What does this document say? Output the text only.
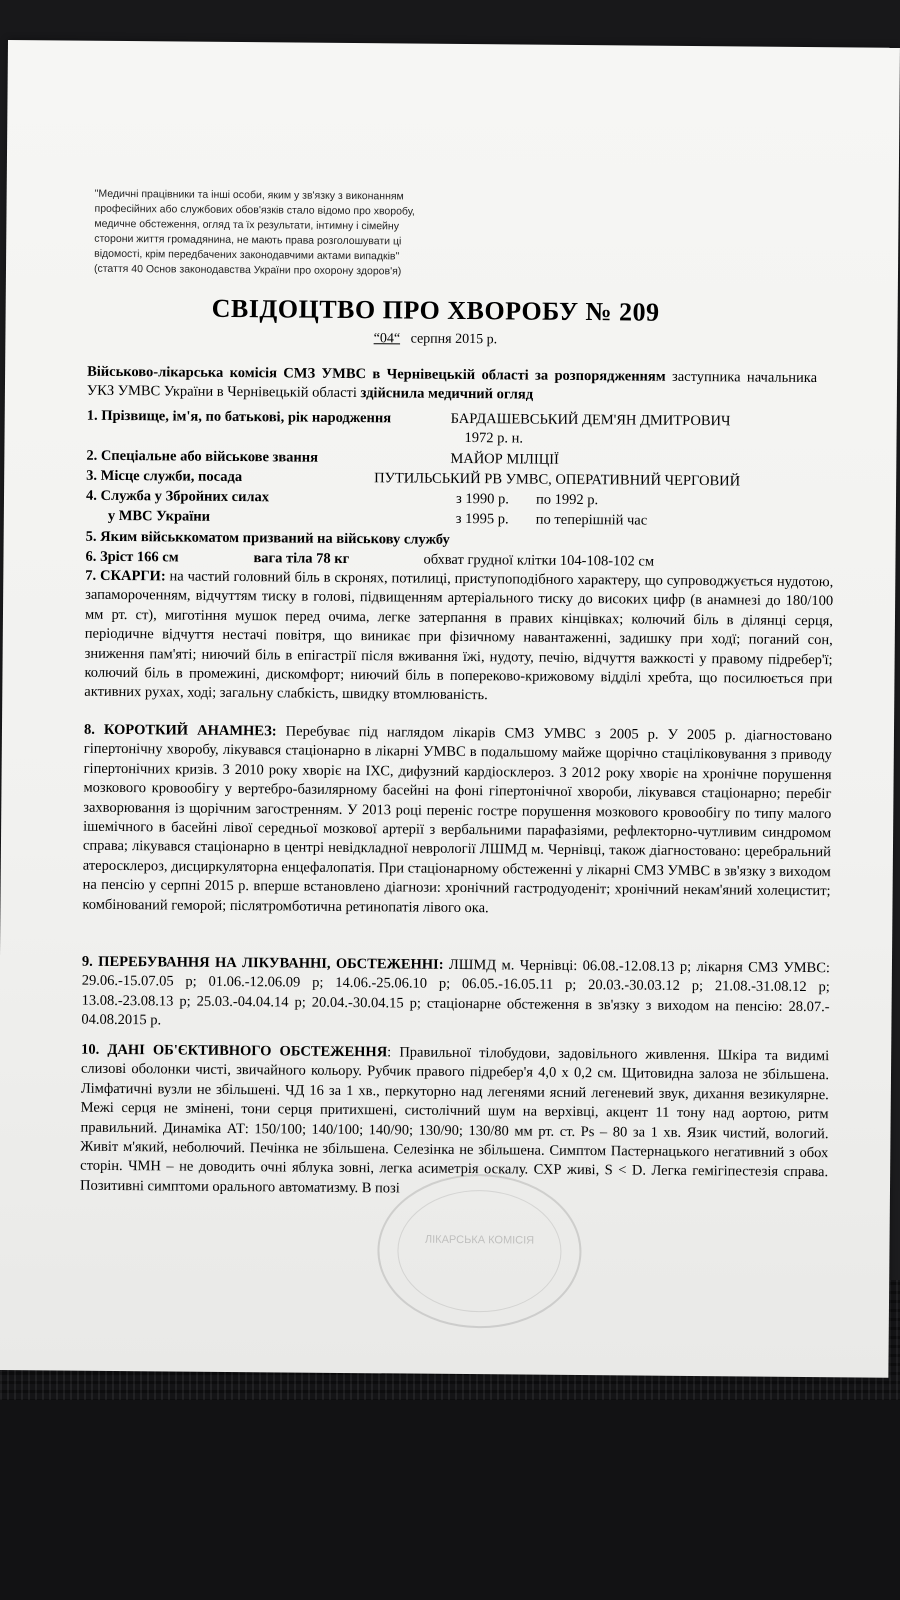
"Медичні працівники та інші особи, яким у зв'язку з виконанням

професійних або службових обов'язків стало відомо про хворобу,

медичне обстеження, огляд та їх результати, інтимну і сімейну

сторони життя громадянина, не мають права розголошувати ці

відомості, крім передбачених законодавчими актами випадків"

(стаття 40 Основ законодавства України про охорону здоров'я)

СВІДОЦТВО ПРО ХВОРОБУ № 209
“04“ серпня 2015 р.
Військово-лікарська комісія СМЗ УМВС в Чернівецькій області за розпорядженням заступника начальника УКЗ УМВС України в Чернівецькій області здійснила медичний огляд
1. Прізвище, ім'я, по батькові, рік народження	БАРДАШЕВСЬКИЙ ДЕМ'ЯН ДМИТРОВИЧ
1972 р. н.
2. Спеціальне або військове звання	МАЙОР МІЛІЦІЇ
3. Місце служби, посада	ПУТИЛЬСЬКИЙ РВ УМВС, ОПЕРАТИВНИЙ ЧЕРГОВИЙ
4. Служба у Збройних силах	з 1990 р. по 1992 р.
у МВС України	з 1995 р. по теперішній час
5. Яким військкоматом призваний на військову службу
6. Зріст 166 см	вага тіла 78 кг	обхват грудної клітки 104-108-102 см
7. СКАРГИ: на частий головний біль в скронях, потилиці, приступоподібного характеру, що супроводжується нудотою, запамороченням, відчуттям тиску в голові, підвищенням артеріального тиску до високих цифр (в анамнезі до 180/100 мм рт. ст), миготіння мушок перед очима, легке затерпання в правих кінцівках; колючий біль в ділянці серця, періодичне відчуття нестачі повітря, що виникає при фізичному навантаженні, задишку при ходї; поганий сон, зниження пам'яті; ниючий біль в епігастрії після вживання їжі, нудоту, печію, відчуття важкості у правому підребер'ї; колючий біль в промежині, дискомфорт; ниючий біль в попереково-крижовому відділі хребта, що посилюється при активних рухах, ході; загальну слабкість, швидку втомлюваність.
8. КОРОТКИЙ АНАМНЕЗ: Перебуває під наглядом лікарів СМЗ УМВС з 2005 р. У 2005 р. діагностовано гіпертонічну хворобу, лікувався стаціонарно в лікарні УМВС в подальшому майже щорічно стаціліковування з приводу гіпертонічних кризів. З 2010 року хворіє на ІХС, дифузний кардіосклероз. З 2012 року хворіє на хронічне порушення мозкового кровообігу у вертебро-базилярному басейні на фоні гіпертонічної хвороби, лікувався стаціонарно; перебіг захворювання із щорічним загостренням. У 2013 році переніс гостре порушення мозкового кровообігу по типу малого ішемічного в басейні лівої середньої мозкової артерії з вербальними парафазіями, рефлекторно-чутливим синдромом справа; лікувався стаціонарно в центрі невідкладної неврології ЛШМД м. Чернівці, також діагностовано: церебральний атеросклероз, дисциркуляторна енцефалопатія. При стаціонарному обстеженні у лікарні СМЗ УМВС в зв'язку з виходом на пенсію у серпні 2015 р. вперше встановлено діагнози: хронічний гастродуоденіт; хронічний некам'яний холецистит; комбінований геморой; післятромботична ретинопатія лівого ока.
9. ПЕРЕБУВАННЯ НА ЛІКУВАННІ, ОБСТЕЖЕННІ: ЛШМД м. Чернівці: 06.08.-12.08.13 р; лікарня СМЗ УМВС: 29.06.-15.07.05 р; 01.06.-12.06.09 р; 14.06.-25.06.10 р; 06.05.-16.05.11 р; 20.03.-30.03.12 р; 21.08.-31.08.12 р; 13.08.-23.08.13 р; 25.03.-04.04.14 р; 20.04.-30.04.15 р; стаціонарне обстеження в зв'язку з виходом на пенсію: 28.07.- 04.08.2015 р.
10. ДАНІ ОБ'ЄКТИВНОГО ОБСТЕЖЕННЯ: Правильної тілобудови, задовільного живлення. Шкіра та видимі слизові оболонки чисті, звичайного кольору. Рубчик правого підребер'я 4,0 х 0,2 см. Щитовидна залоза не збільшена. Лімфатичні вузли не збільшені. ЧД 16 за 1 хв., перкуторно над легенями ясний легеневий звук, дихання везикулярне. Межі серця не змінені, тони серця притихшені, систолічний шум на верхівці, акцент 11 тону над аортою, ритм правильний. Динаміка АТ: 150/100; 140/100; 140/90; 130/90; 130/80 мм рт. ст. Ps – 80 за 1 хв. Язик чистий, вологий. Живіт м'який, неболючий. Печінка не збільшена. Селезінка не збільшена. Симптом Пастернацького негативний з обох сторін. ЧМН – не доводить очні яблука зовні, легка асиметрія оскалу. СХР живі, S < D. Легка гемігіпестезія справа. Позитивні симптоми орального автоматизму. В позі
ЛІКАРСЬКА КОМІСІЯ
